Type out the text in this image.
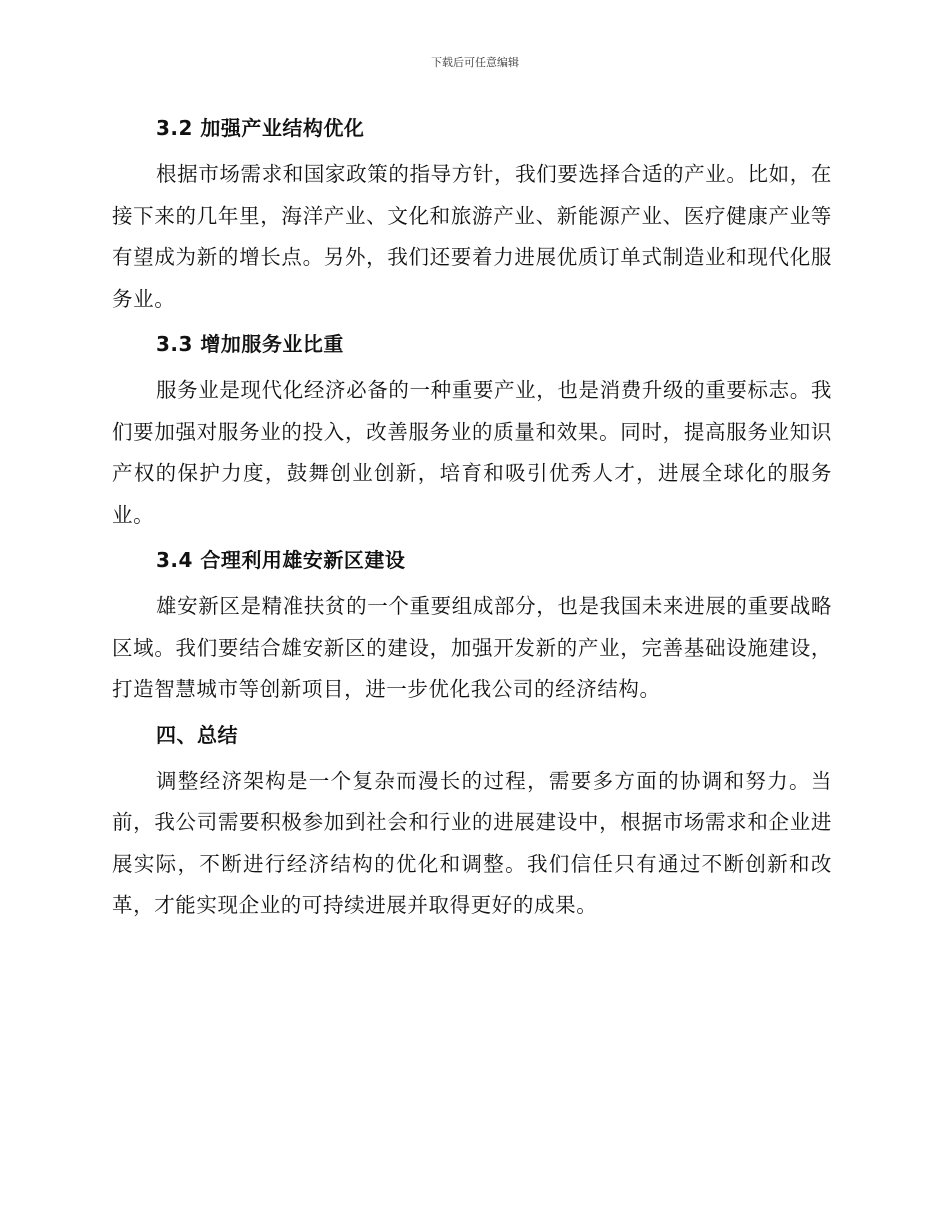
下载后可任意编辑
3.2 加强产业结构优化

根据市场需求和国家政策的指导方针，我们要选择合适的产业。比如，在接下来的几年里，海洋产业、文化和旅游产业、新能源产业、医疗健康产业等有望成为新的增长点。另外，我们还要着力进展优质订单式制造业和现代化服务业。

3.3 增加服务业比重

服务业是现代化经济必备的一种重要产业，也是消费升级的重要标志。我们要加强对服务业的投入，改善服务业的质量和效果。同时，提高服务业知识产权的保护力度，鼓舞创业创新，培育和吸引优秀人才，进展全球化的服务业。

3.4 合理利用雄安新区建设

雄安新区是精准扶贫的一个重要组成部分，也是我国未来进展的重要战略区域。我们要结合雄安新区的建设，加强开发新的产业，完善基础设施建设，打造智慧城市等创新项目，进一步优化我公司的经济结构。

四、总结

调整经济架构是一个复杂而漫长的过程，需要多方面的协调和努力。当前，我公司需要积极参加到社会和行业的进展建设中，根据市场需求和企业进展实际，不断进行经济结构的优化和调整。我们信任只有通过不断创新和改革，才能实现企业的可持续进展并取得更好的成果。
